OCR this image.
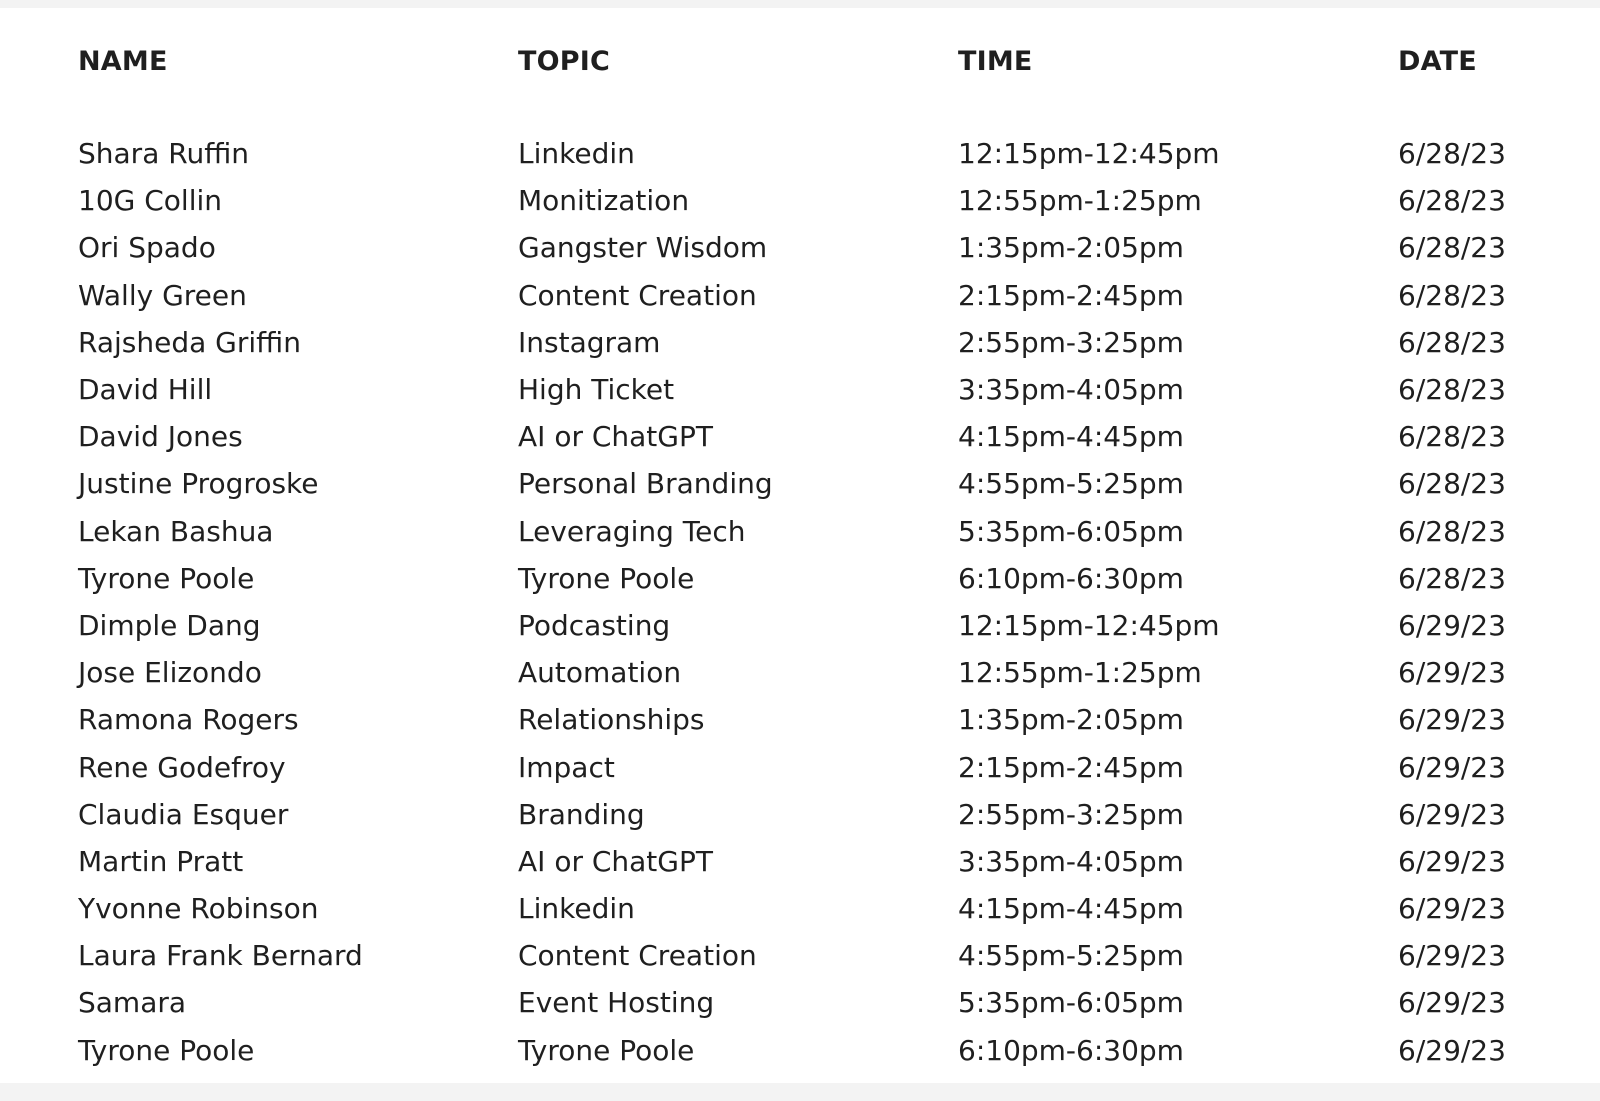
NAME	TOPIC	TIME	DATE

Shara Ruffin	Linkedin	12:15pm-12:45pm	6/28/23
10G Collin	Monitization	12:55pm-1:25pm	6/28/23
Ori Spado	Gangster Wisdom	1:35pm-2:05pm	6/28/23
Wally Green	Content Creation	2:15pm-2:45pm	6/28/23
Rajsheda Griffin	Instagram	2:55pm-3:25pm	6/28/23
David Hill	High Ticket	3:35pm-4:05pm	6/28/23
David Jones	AI or ChatGPT	4:15pm-4:45pm	6/28/23
Justine Progroske	Personal Branding	4:55pm-5:25pm	6/28/23
Lekan Bashua	Leveraging Tech	5:35pm-6:05pm	6/28/23
Tyrone Poole	Tyrone Poole	6:10pm-6:30pm	6/28/23
Dimple Dang	Podcasting	12:15pm-12:45pm	6/29/23
Jose Elizondo	Automation	12:55pm-1:25pm	6/29/23
Ramona Rogers	Relationships	1:35pm-2:05pm	6/29/23
Rene Godefroy	Impact	2:15pm-2:45pm	6/29/23
Claudia Esquer	Branding	2:55pm-3:25pm	6/29/23
Martin Pratt	AI or ChatGPT	3:35pm-4:05pm	6/29/23
Yvonne Robinson	Linkedin	4:15pm-4:45pm	6/29/23
Laura Frank Bernard	Content Creation	4:55pm-5:25pm	6/29/23
Samara	Event Hosting	5:35pm-6:05pm	6/29/23
Tyrone Poole	Tyrone Poole	6:10pm-6:30pm	6/29/23
